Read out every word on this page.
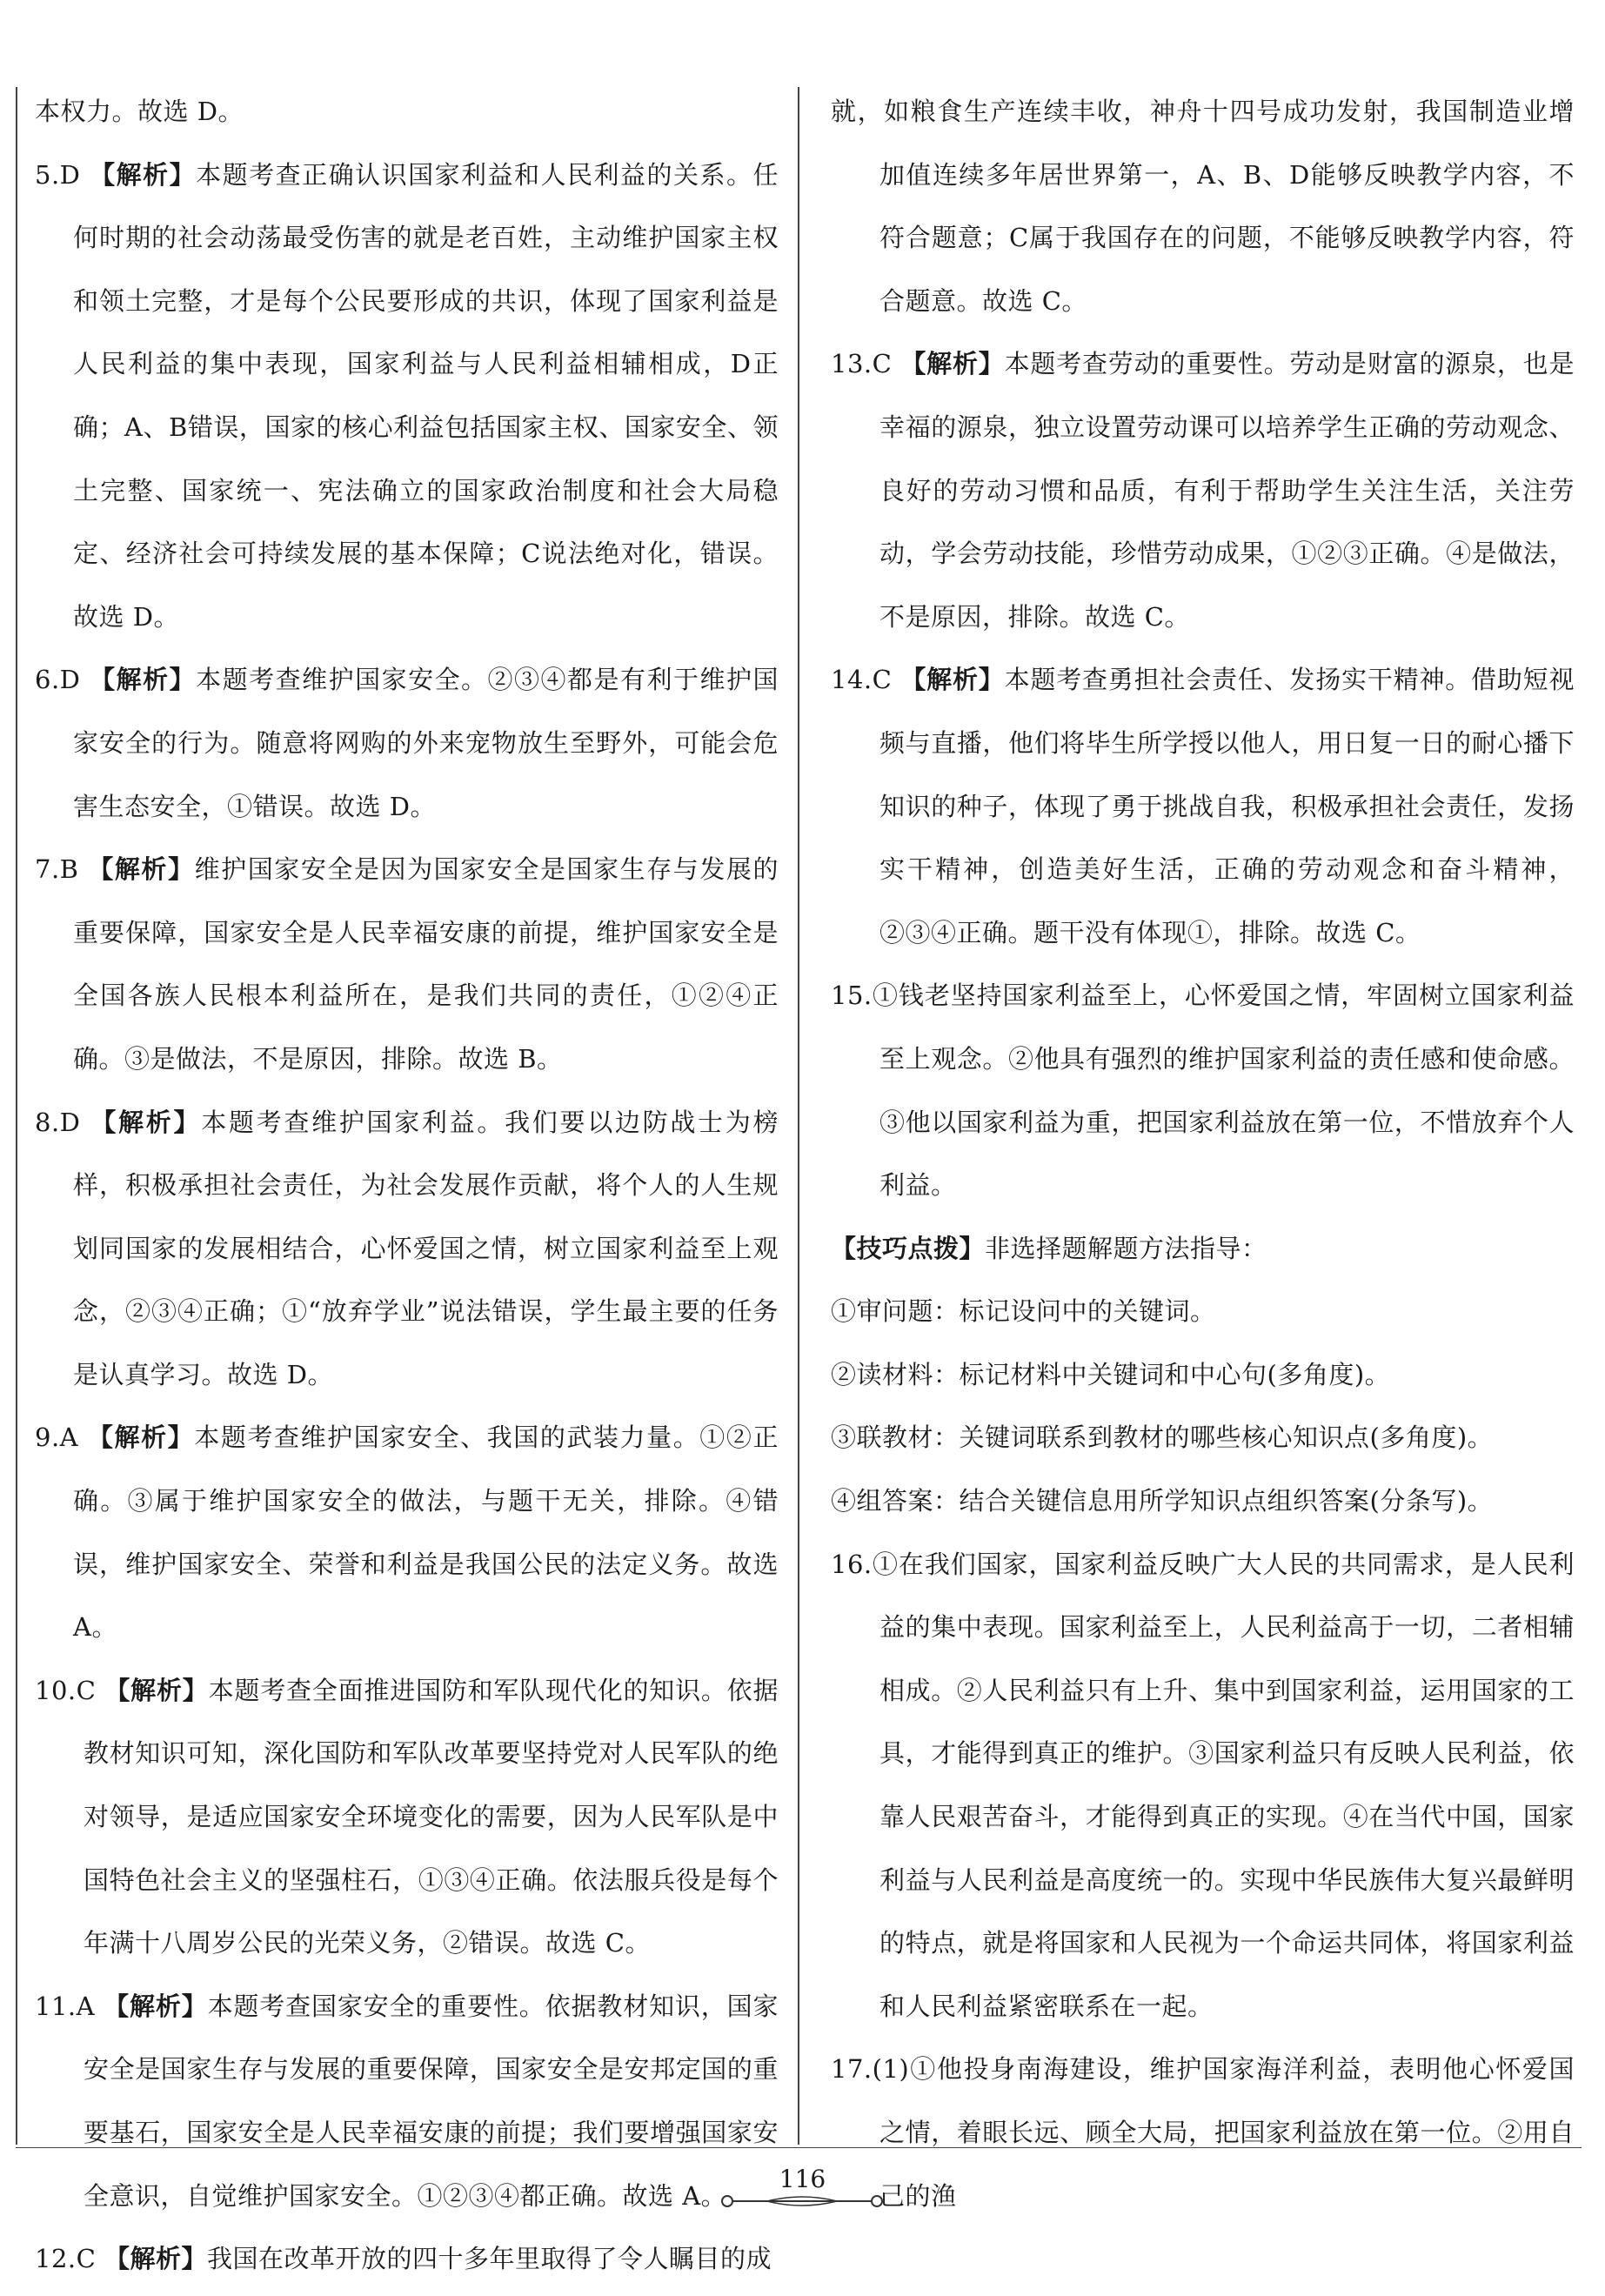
本权力。故选 D。
5.D 【解析】本题考查正确认识国家利益和人民利益的关系。任何时期的社会动荡最受伤害的就是老百姓，主动维护国家主权和领土完整，才是每个公民要形成的共识，体现了国家利益是人民利益的集中表现，国家利益与人民利益相辅相成，D正确；A、B错误，国家的核心利益包括国家主权、国家安全、领土完整、国家统一、宪法确立的国家政治制度和社会大局稳定、经济社会可持续发展的基本保障；C说法绝对化，错误。故选 D。
6.D 【解析】本题考查维护国家安全。②③④都是有利于维护国家安全的行为。随意将网购的外来宠物放生至野外，可能会危害生态安全，①错误。故选 D。
7.B 【解析】维护国家安全是因为国家安全是国家生存与发展的重要保障，国家安全是人民幸福安康的前提，维护国家安全是全国各族人民根本利益所在，是我们共同的责任，①②④正确。③是做法，不是原因，排除。故选 B。
8.D 【解析】本题考查维护国家利益。我们要以边防战士为榜样，积极承担社会责任，为社会发展作贡献，将个人的人生规划同国家的发展相结合，心怀爱国之情，树立国家利益至上观念，②③④正确；①“放弃学业”说法错误，学生最主要的任务是认真学习。故选 D。
9.A 【解析】本题考查维护国家安全、我国的武装力量。①②正确。③属于维护国家安全的做法，与题干无关，排除。④错误，维护国家安全、荣誉和利益是我国公民的法定义务。故选 A。
10.C 【解析】本题考查全面推进国防和军队现代化的知识。依据教材知识可知，深化国防和军队改革要坚持党对人民军队的绝对领导，是适应国家安全环境变化的需要，因为人民军队是中国特色社会主义的坚强柱石，①③④正确。依法服兵役是每个年满十八周岁公民的光荣义务，②错误。故选 C。
11.A 【解析】本题考查国家安全的重要性。依据教材知识，国家安全是国家生存与发展的重要保障，国家安全是安邦定国的重要基石，国家安全是人民幸福安康的前提；我们要增强国家安全意识，自觉维护国家安全。①②③④都正确。故选 A。
12.C 【解析】我国在改革开放的四十多年里取得了令人瞩目的成
就，如粮食生产连续丰收，神舟十四号成功发射，我国制造业增加值连续多年居世界第一，A、B、D能够反映教学内容，不符合题意；C属于我国存在的问题，不能够反映教学内容，符合题意。故选 C。
13.C 【解析】本题考查劳动的重要性。劳动是财富的源泉，也是幸福的源泉，独立设置劳动课可以培养学生正确的劳动观念、良好的劳动习惯和品质，有利于帮助学生关注生活，关注劳动，学会劳动技能，珍惜劳动成果，①②③正确。④是做法，不是原因，排除。故选 C。
14.C 【解析】本题考查勇担社会责任、发扬实干精神。借助短视频与直播，他们将毕生所学授以他人，用日复一日的耐心播下知识的种子，体现了勇于挑战自我，积极承担社会责任，发扬实干精神，创造美好生活，正确的劳动观念和奋斗精神，②③④正确。题干没有体现①，排除。故选 C。
15.①钱老坚持国家利益至上，心怀爱国之情，牢固树立国家利益至上观念。②他具有强烈的维护国家利益的责任感和使命感。③他以国家利益为重，把国家利益放在第一位，不惜放弃个人利益。
【技巧点拨】非选择题解题方法指导：
①审问题：标记设问中的关键词。
②读材料：标记材料中关键词和中心句(多角度)。
③联教材：关键词联系到教材的哪些核心知识点(多角度)。
④组答案：结合关键信息用所学知识点组织答案(分条写)。
16.①在我们国家，国家利益反映广大人民的共同需求，是人民利益的集中表现。国家利益至上，人民利益高于一切，二者相辅相成。②人民利益只有上升、集中到国家利益，运用国家的工具，才能得到真正的维护。③国家利益只有反映人民利益，依靠人民艰苦奋斗，才能得到真正的实现。④在当代中国，国家利益与人民利益是高度统一的。实现中华民族伟大复兴最鲜明的特点，就是将国家和人民视为一个命运共同体，将国家利益和人民利益紧密联系在一起。
17.(1)①他投身南海建设，维护国家海洋利益，表明他心怀爱国之情，着眼长远、顾全大局，把国家利益放在第一位。②用自己的渔
116
